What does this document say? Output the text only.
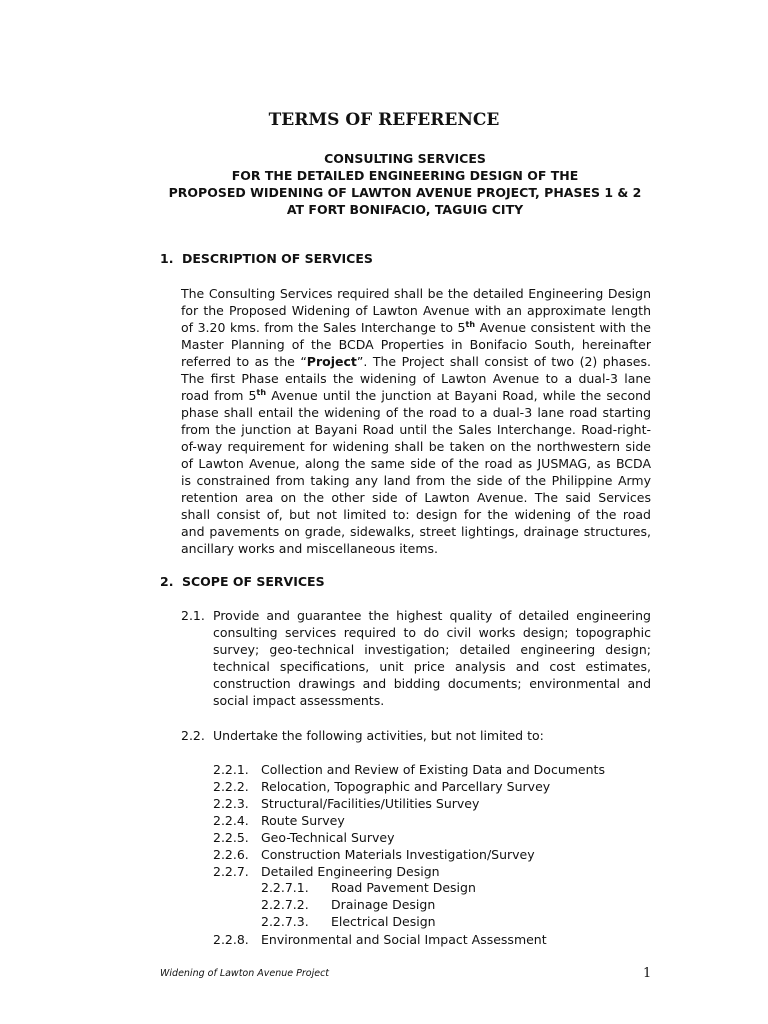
TERMS OF REFERENCE
CONSULTING SERVICES
FOR THE DETAILED ENGINEERING DESIGN OF THE
PROPOSED WIDENING OF LAWTON AVENUE PROJECT, PHASES 1 & 2
AT FORT BONIFACIO, TAGUIG CITY
1. DESCRIPTION OF SERVICES
The Consulting Services required shall be the detailed Engineering Design
for the Proposed Widening of Lawton Avenue with an approximate length
of 3.20 kms. from the Sales Interchange to 5th Avenue consistent with the
Master Planning of the BCDA Properties in Bonifacio South, hereinafter
referred to as the “Project”. The Project shall consist of two (2) phases.
The first Phase entails the widening of Lawton Avenue to a dual-3 lane
road from 5th Avenue until the junction at Bayani Road, while the second
phase shall entail the widening of the road to a dual-3 lane road starting
from the junction at Bayani Road until the Sales Interchange. Road-right-
of-way requirement for widening shall be taken on the northwestern side
of Lawton Avenue, along the same side of the road as JUSMAG, as BCDA
is constrained from taking any land from the side of the Philippine Army
retention area on the other side of Lawton Avenue. The said Services
shall consist of, but not limited to: design for the widening of the road
and pavements on grade, sidewalks, street lightings, drainage structures,
ancillary works and miscellaneous items.
2. SCOPE OF SERVICES
2.1. Provide and guarantee the highest quality of detailed engineering
consulting services required to do civil works design; topographic
survey; geo-technical investigation; detailed engineering design;
technical specifications, unit price analysis and cost estimates,
construction drawings and bidding documents; environmental and
social impact assessments.
2.2. Undertake the following activities, but not limited to:
2.2.1. Collection and Review of Existing Data and Documents
2.2.2. Relocation, Topographic and Parcellary Survey
2.2.3. Structural/Facilities/Utilities Survey
2.2.4. Route Survey
2.2.5. Geo-Technical Survey
2.2.6. Construction Materials Investigation/Survey
2.2.7. Detailed Engineering Design
2.2.7.1. Road Pavement Design
2.2.7.2. Drainage Design
2.2.7.3. Electrical Design
2.2.8. Environmental and Social Impact Assessment
Widening of Lawton Avenue Project	1
